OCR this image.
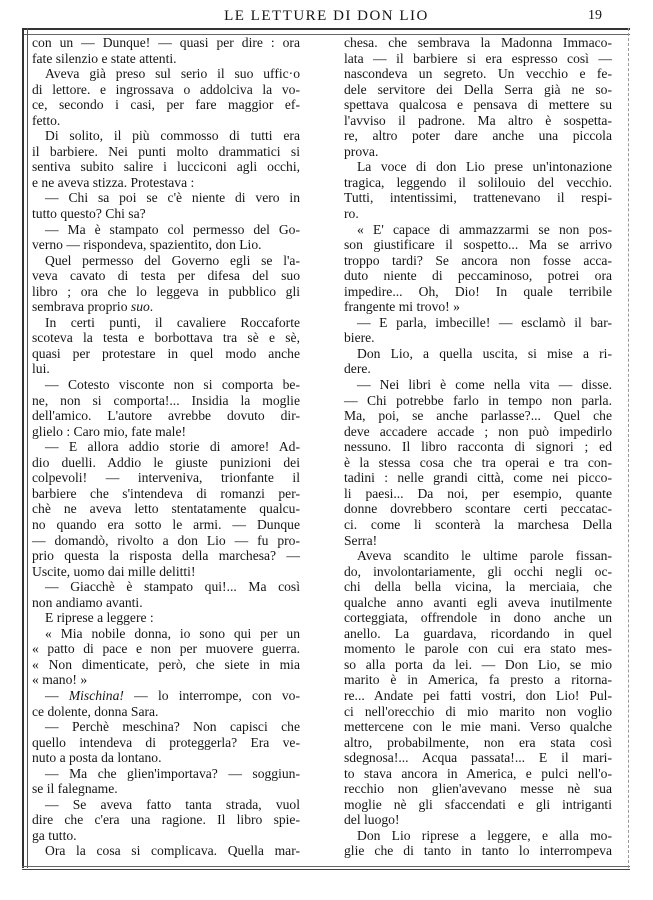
LE LETTURE DI DON LIO	19
con un — Dunque! — quasi per dire : ora
fate silenzio e state attenti.
Aveva già preso sul serio il suo uffic·o
di lettore. e ingrossava o addolciva la vo-
ce, secondo i casi, per fare maggior ef-
fetto.
Di solito, il più commosso di tutti era
il barbiere. Nei punti molto drammatici si
sentiva subito salire i lucciconi agli occhi,
e ne aveva stizza. Protestava :
— Chi sa poi se c'è niente di vero in
tutto questo? Chi sa?
— Ma è stampato col permesso del Go-
verno — rispondeva, spazientito, don Lio.
Quel permesso del Governo egli se l'a-
veva cavato di testa per difesa del suo
libro ; ora che lo leggeva in pubblico gli
sembrava proprio suo.
In certi punti, il cavaliere Roccaforte
scoteva la testa e borbottava tra sè e sè,
quasi per protestare in quel modo anche
lui.
— Cotesto visconte non si comporta be-
ne, non si comporta!... Insidia la moglie
dell'amico. L'autore avrebbe dovuto dir-
glielo : Caro mio, fate male!
— E allora addio storie di amore! Ad-
dio duelli. Addio le giuste punizioni dei
colpevoli! — interveniva, trionfante il
barbiere che s'intendeva di romanzi per-
chè ne aveva letto stentatamente qualcu-
no quando era sotto le armi. — Dunque
— domandò, rivolto a don Lio — fu pro-
prio questa la risposta della marchesa? —
Uscite, uomo dai mille delitti!
— Giacchè è stampato qui!... Ma così
non andiamo avanti.
E riprese a leggere :
« Mia nobile donna, io sono qui per un
« patto di pace e non per muovere guerra.
« Non dimenticate, però, che siete in mia
« mano! »
— Mischina! — lo interrompe, con vo-
ce dolente, donna Sara.
— Perchè meschina? Non capisci che
quello intendeva di proteggerla? Era ve-
nuto a posta da lontano.
— Ma che glien'importava? — soggiun-
se il falegname.
— Se aveva fatto tanta strada, vuol
dire che c'era una ragione. Il libro spie-
ga tutto.
Ora la cosa si complicava. Quella mar-
chesa. che sembrava la Madonna Immaco-
lata — il barbiere si era espresso così —
nascondeva un segreto. Un vecchio e fe-
dele servitore dei Della Serra già ne so-
spettava qualcosa e pensava di mettere su
l'avviso il padrone. Ma altro è sospetta-
re, altro poter dare anche una piccola
prova.
La voce di don Lio prese un'intonazione
tragica, leggendo il solilouio del vecchio.
Tutti, intentissimi, trattenevano il respi-
ro.
« E' capace di ammazzarmi se non pos-
son giustificare il sospetto... Ma se arrivo
troppo tardi? Se ancora non fosse acca-
duto niente di peccaminoso, potrei ora
impedire... Oh, Dio! In quale terribile
frangente mi trovo! »
— E parla, imbecille! — esclamò il bar-
biere.
Don Lio, a quella uscita, si mise a ri-
dere.
— Nei libri è come nella vita — disse.
— Chi potrebbe farlo in tempo non parla.
Ma, poi, se anche parlasse?... Quel che
deve accadere accade ; non può impedirlo
nessuno. Il libro racconta di signori ; ed
è la stessa cosa che tra operai e tra con-
tadini : nelle grandi città, come nei picco-
li paesi... Da noi, per esempio, quante
donne dovrebbero scontare certi peccatac-
ci. come li sconterà la marchesa Della
Serra!
Aveva scandito le ultime parole fissan-
do, involontariamente, gli occhi negli oc-
chi della bella vicina, la merciaia, che
qualche anno avanti egli aveva inutilmente
corteggiata, offrendole in dono anche un
anello. La guardava, ricordando in quel
momento le parole con cui era stato mes-
so alla porta da lei. — Don Lio, se mio
marito è in America, fa presto a ritorna-
re... Andate pei fatti vostri, don Lio! Pul-
ci nell'orecchio di mio marito non voglio
mettercene con le mie mani. Verso qualche
altro, probabilmente, non era stata così
sdegnosa!... Acqua passata!... E il mari-
to stava ancora in America, e pulci nell'o-
recchio non glien'avevano messe nè sua
moglie nè gli sfaccendati e gli intriganti
del luogo!
Don Lio riprese a leggere, e alla mo-
glie che di tanto in tanto lo interrompeva
